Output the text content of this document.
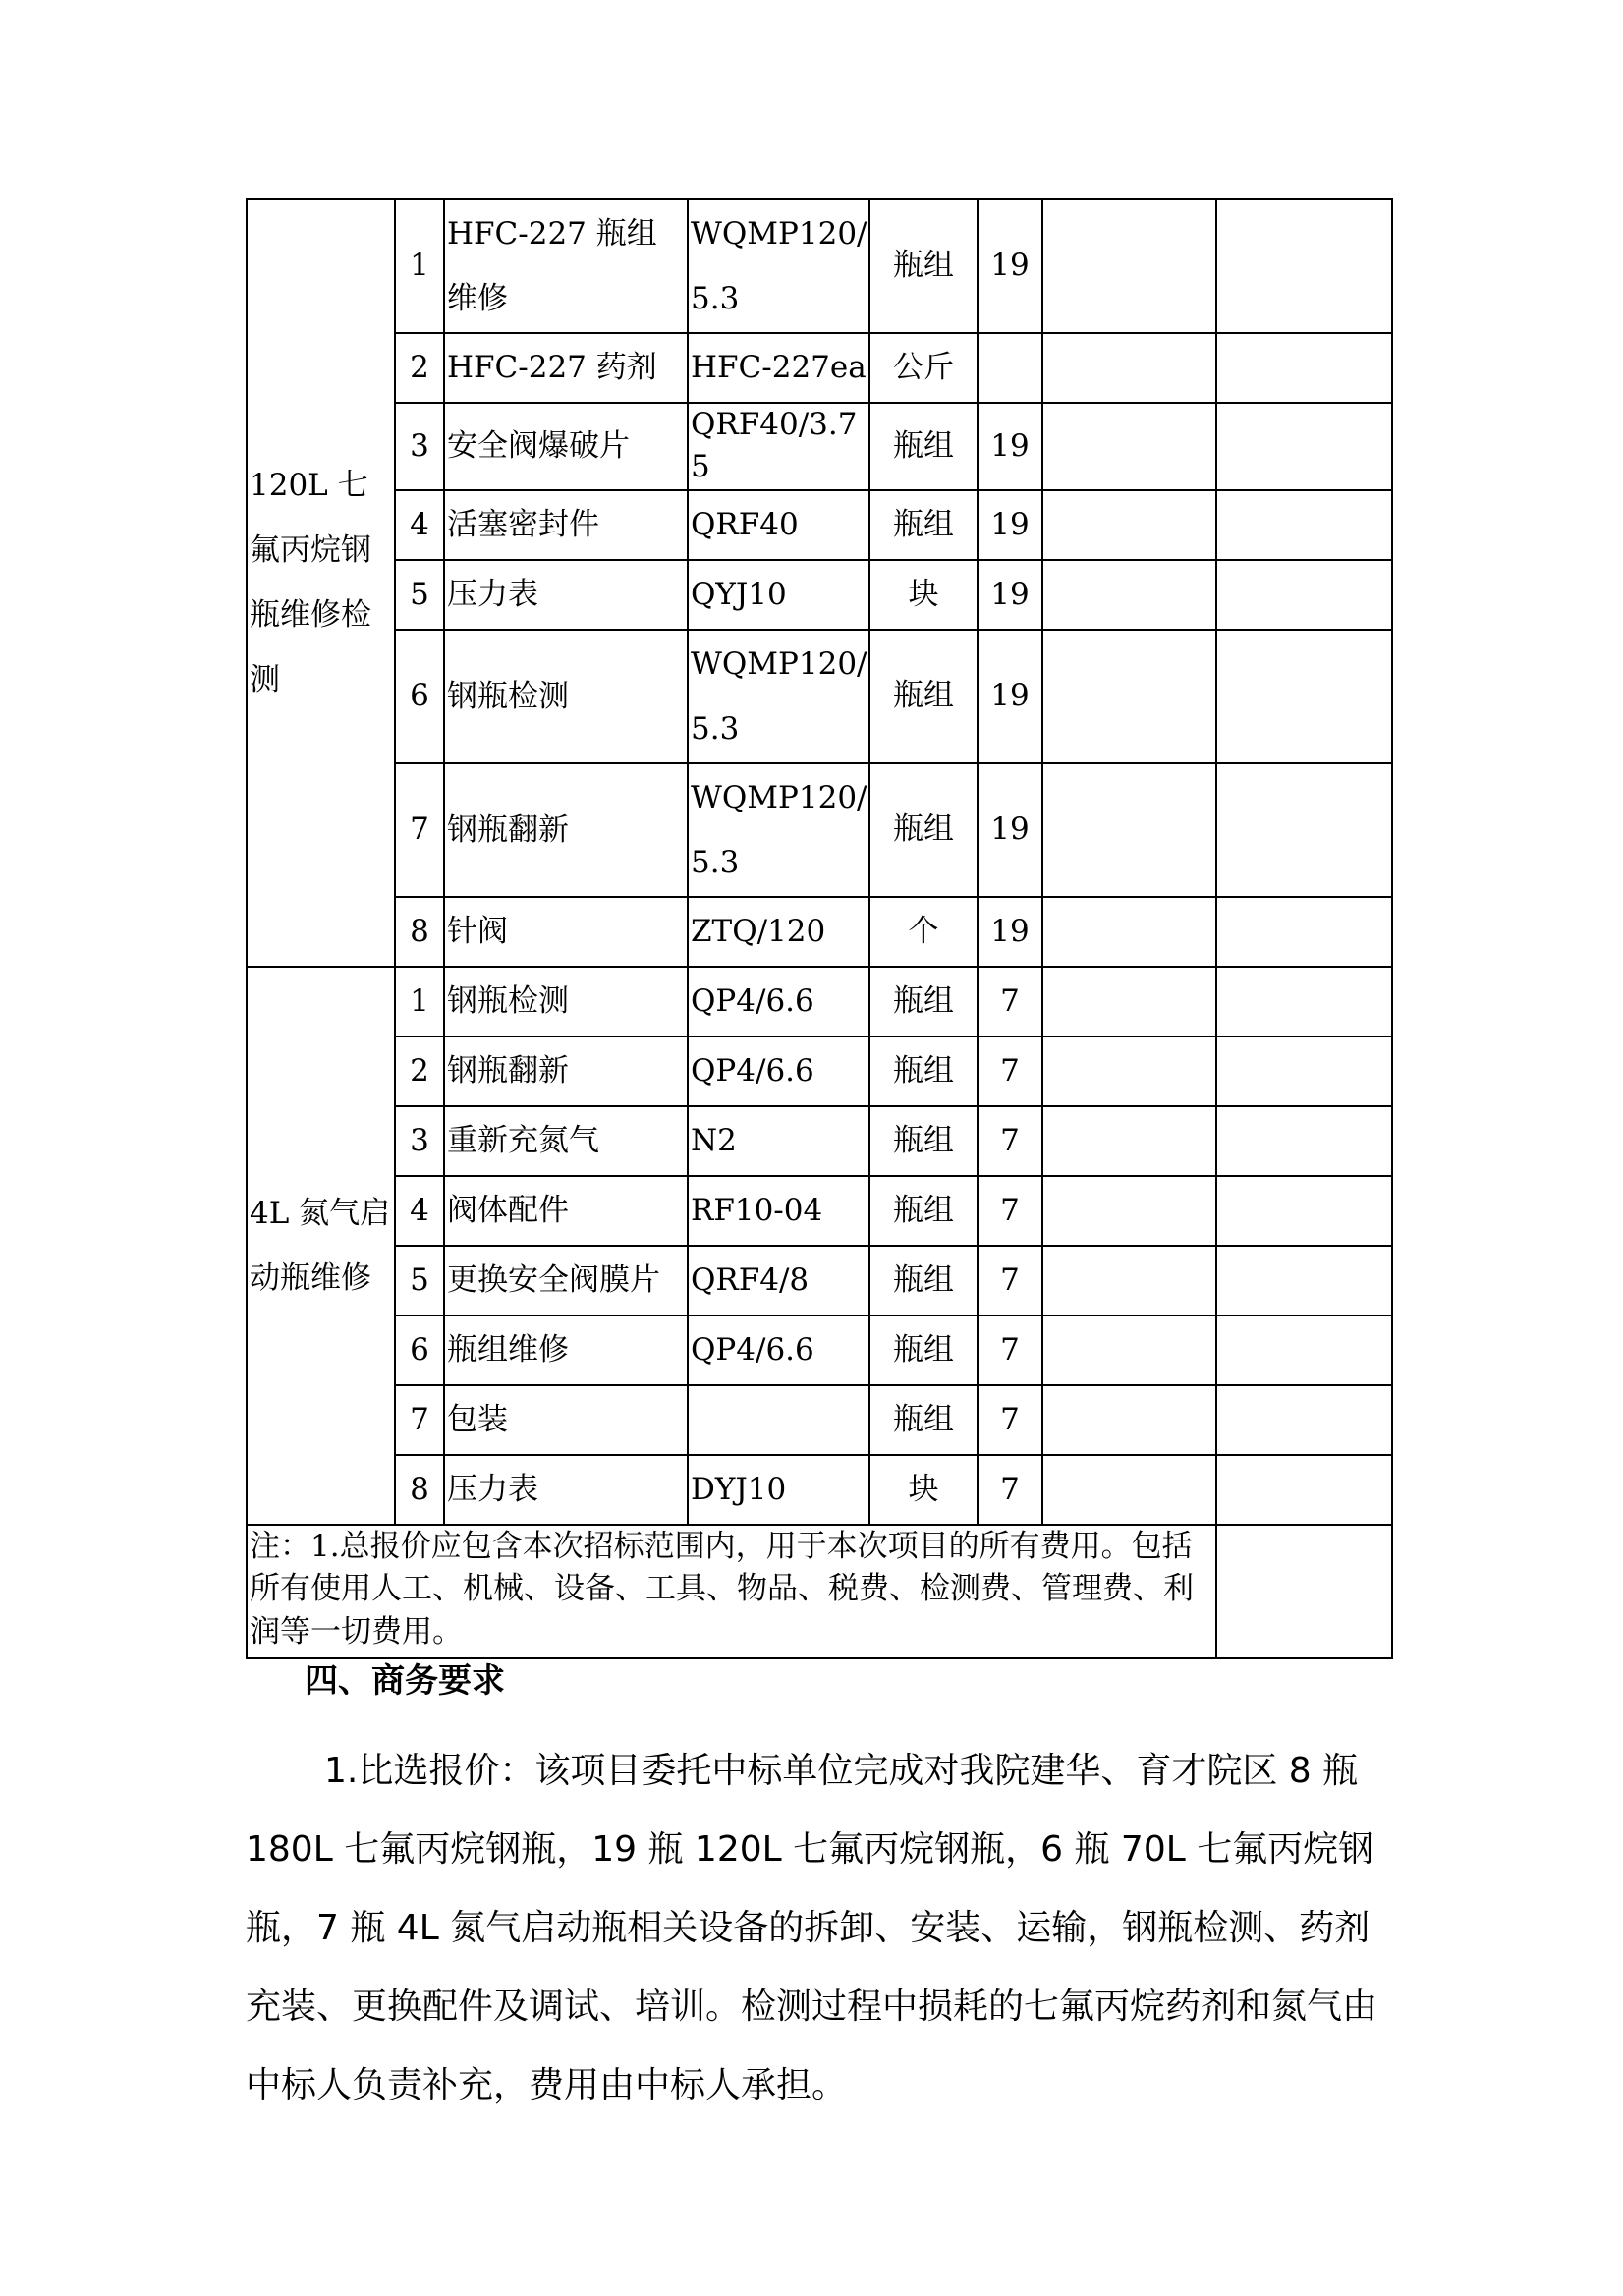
120L 七氟丙烷钢瓶维修检测	1	HFC-227 瓶组维修	WQMP120/5.3	瓶组	19		
	2	HFC-227 药剂	HFC-227ea	公斤			
	3	安全阀爆破片	QRF40/3.75	瓶组	19		
	4	活塞密封件	QRF40	瓶组	19		
	5	压力表	QYJ10	块	19		
	6	钢瓶检测	WQMP120/5.3	瓶组	19		
	7	钢瓶翻新	WQMP120/5.3	瓶组	19		
	8	针阀	ZTQ/120	个	19		
4L 氮气启动瓶维修	1	钢瓶检测	QP4/6.6	瓶组	7		
	2	钢瓶翻新	QP4/6.6	瓶组	7		
	3	重新充氮气	N2	瓶组	7		
	4	阀体配件	RF10-04	瓶组	7		
	5	更换安全阀膜片	QRF4/8	瓶组	7		
	6	瓶组维修	QP4/6.6	瓶组	7		
	7	包装		瓶组	7		
	8	压力表	DYJ10	块	7		
注：1.总报价应包含本次招标范围内，用于本次项目的所有费用。包括所有使用人工、机械、设备、工具、物品、税费、检测费、管理费、利润等一切费用。							
四、商务要求

1.比选报价：该项目委托中标单位完成对我院建华、育才院区 8 瓶 180L 七氟丙烷钢瓶，19 瓶 120L 七氟丙烷钢瓶，6 瓶 70L 七氟丙烷钢瓶，7 瓶 4L 氮气启动瓶相关设备的拆卸、安装、运输，钢瓶检测、药剂充装、更换配件及调试、培训。检测过程中损耗的七氟丙烷药剂和氮气由中标人负责补充，费用由中标人承担。
